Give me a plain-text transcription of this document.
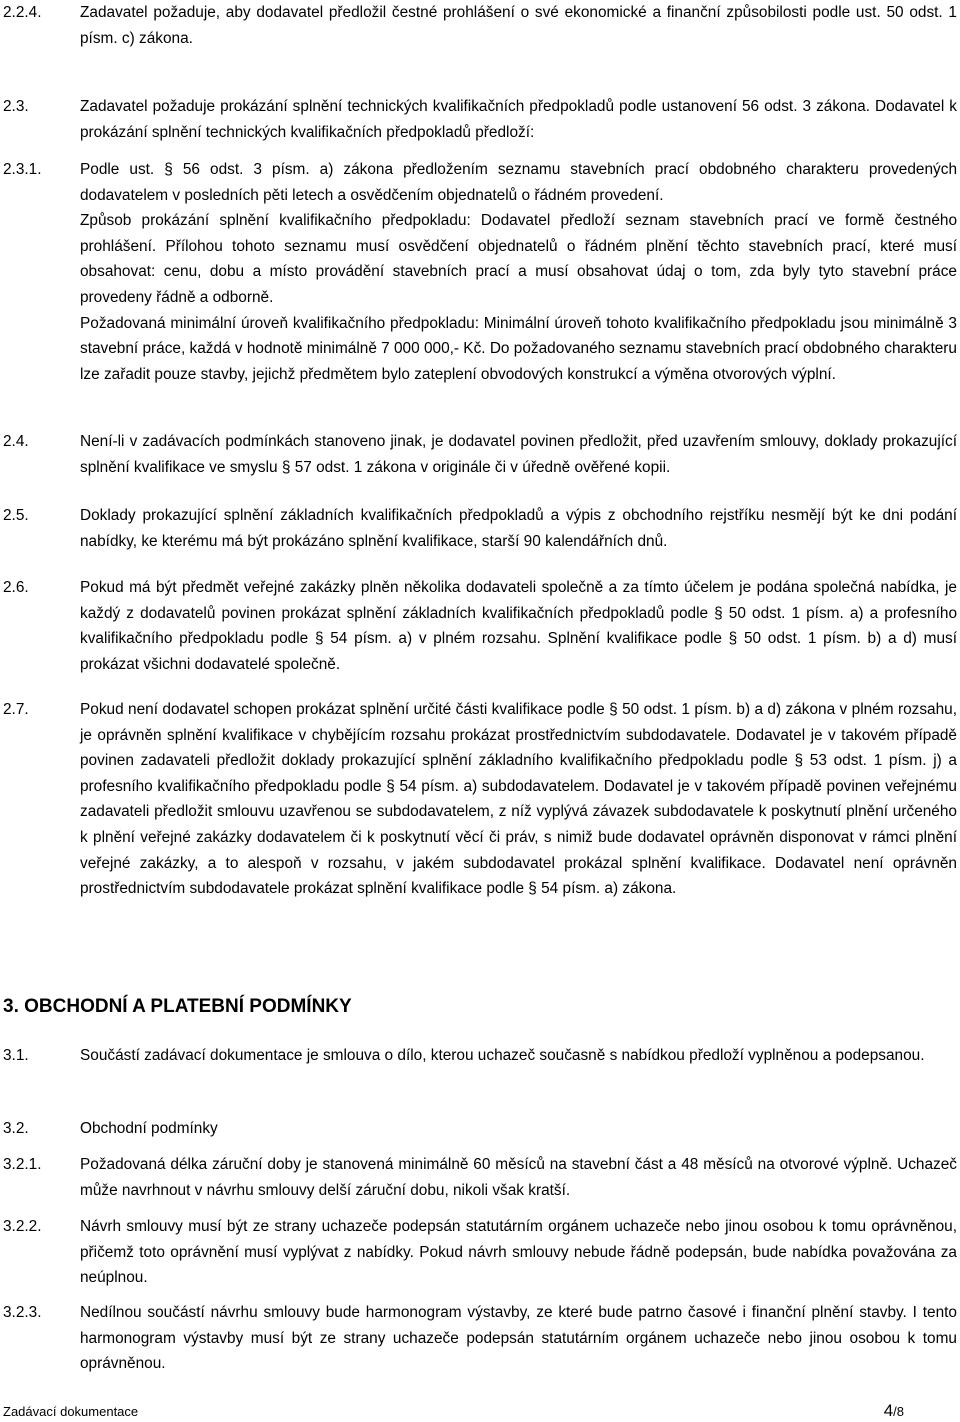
2.2.4.	Zadavatel požaduje, aby dodavatel předložil čestné prohlášení o své ekonomické a finanční způsobilosti podle ust. 50 odst. 1 písm. c) zákona.

2.3.	Zadavatel požaduje prokázání splnění technických kvalifikačních předpokladů podle ustanovení 56 odst. 3 zákona. Dodavatel k prokázání splnění technických kvalifikačních předpokladů předloží:

2.3.1.	Podle ust. § 56 odst. 3 písm. a) zákona předložením seznamu stavebních prací obdobného charakteru provedených dodavatelem v posledních pěti letech a osvědčením objednatelů o řádném provedení.

Způsob prokázání splnění kvalifikačního předpokladu: Dodavatel předloží seznam stavebních prací ve formě čestného prohlášení. Přílohou tohoto seznamu musí osvědčení objednatelů o řádném plnění těchto stavebních prací, které musí obsahovat: cenu, dobu a místo provádění stavebních prací a musí obsahovat údaj o tom, zda byly tyto stavební práce provedeny řádně a odborně.

Požadovaná minimální úroveň kvalifikačního předpokladu: Minimální úroveň tohoto kvalifikačního předpokladu jsou minimálně 3 stavební práce, každá v hodnotě minimálně 7 000 000,- Kč. Do požadovaného seznamu stavebních prací obdobného charakteru lze zařadit pouze stavby, jejichž předmětem bylo zateplení obvodových konstrukcí a výměna otvorových výplní.

2.4.	Není-li v zadávacích podmínkách stanoveno jinak, je dodavatel povinen předložit, před uzavřením smlouvy, doklady prokazující splnění kvalifikace ve smyslu § 57 odst. 1 zákona v originále či v úředně ověřené kopii.

2.5.	Doklady prokazující splnění základních kvalifikačních předpokladů a výpis z obchodního rejstříku nesmějí být ke dni podání nabídky, ke kterému má být prokázáno splnění kvalifikace, starší 90 kalendářních dnů.

2.6.	Pokud má být předmět veřejné zakázky plněn několika dodavateli společně a za tímto účelem je podána společná nabídka, je každý z dodavatelů povinen prokázat splnění základních kvalifikačních předpokladů podle § 50 odst. 1 písm. a) a profesního kvalifikačního předpokladu podle § 54 písm. a) v plném rozsahu. Splnění kvalifikace podle § 50 odst. 1 písm. b) a d) musí prokázat všichni dodavatelé společně.

2.7.	Pokud není dodavatel schopen prokázat splnění určité části kvalifikace podle § 50 odst. 1 písm. b) a d) zákona v plném rozsahu, je oprávněn splnění kvalifikace v chybějícím rozsahu prokázat prostřednictvím subdodavatele. Dodavatel je v takovém případě povinen zadavateli předložit doklady prokazující splnění základního kvalifikačního předpokladu podle § 53 odst. 1 písm. j) a profesního kvalifikačního předpokladu podle § 54 písm. a) subdodavatelem. Dodavatel je v takovém případě povinen veřejnému zadavateli předložit smlouvu uzavřenou se subdodavatelem, z níž vyplývá závazek subdodavatele k poskytnutí plnění určeného k plnění veřejné zakázky dodavatelem či k poskytnutí věcí či práv, s nimiž bude dodavatel oprávněn disponovat v rámci plnění veřejné zakázky, a to alespoň v rozsahu, v jakém subdodavatel prokázal splnění kvalifikace. Dodavatel není oprávněn prostřednictvím subdodavatele prokázat splnění kvalifikace podle § 54 písm. a) zákona.

3. OBCHODNÍ A PLATEBNÍ PODMÍNKY
3.1.	Součástí zadávací dokumentace je smlouva o dílo, kterou uchazeč současně s nabídkou předloží vyplněnou a podepsanou.

3.2.	Obchodní podmínky

3.2.1.	Požadovaná délka záruční doby je stanovená minimálně 60 měsíců na stavební část a 48 měsíců na otvorové výplně. Uchazeč může navrhnout v návrhu smlouvy delší záruční dobu, nikoli však kratší.

3.2.2.	Návrh smlouvy musí být ze strany uchazeče podepsán statutárním orgánem uchazeče nebo jinou osobou k tomu oprávněnou, přičemž toto oprávnění musí vyplývat z nabídky. Pokud návrh smlouvy nebude řádně podepsán, bude nabídka považována za neúplnou.

3.2.3.	Nedílnou součástí návrhu smlouvy bude harmonogram výstavby, ze které bude patrno časové i finanční plnění stavby. I tento harmonogram výstavby musí být ze strany uchazeče podepsán statutárním orgánem uchazeče nebo jinou osobou k tomu oprávněnou.

Zadávací dokumentace	4/8
